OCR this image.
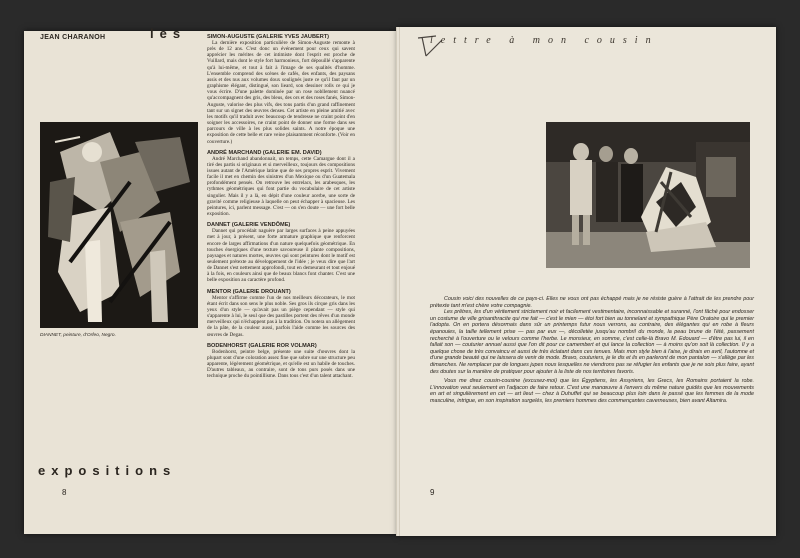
JEAN CHARANOH	les
DIANNET, peinture, d'Orfeo, Negro.
SIMON-AUGUSTE (GALERIE YVES JAUBERT)

La dernière exposition particulière de Simon-Auguste remonte à près de 12 ans. C'est donc un événement pour ceux qui savent apprécier les mérites de cet intimiste dont l'esprit est proche de Vuillard, mais dont le style fort harmonieux, fort dépouillé s'apparente qu'à lui-même, et tout à fait à l'image de ses qualités d'homme. L'ensemble comprend des scènes de cafés, des enfants, des paysans assis et des nus aux volumes doux soulignés juste ce qu'il faut par un graphisme élégant, distingué, son lieard, son dessiner rolls ce qui je vous écrire. D'une palette dominée par un rose nobllement nuancé qu'accompagnent des gris, des bleus, des ors et des roses fanés, Simon-Auguste, valorise des plus vifs, des tons partis d'un grand raffinement tant sur un signet des œuvres denses. Cet artiste en pleine amitié avec les motifs qu'il traduit avec beaucoup de tendresse ne craint point d'en soigner les accessoires, ne craint point de donner une forme dans ses parcours de ville à les plus solides saints. A notre époque une exposition de cette belle et rare veine plaisamment réconforte. (Voir en couverture.)

ANDRÉ MARCHAND (GALERIE EM. DAVID)

André Marchand abandonnait, un temps, cette Camargue dont il a tiré des partis si originaux et si merveilleux, toujours des compositions issues autant de l'Amérique latine que de ses propres esprit. Vivement facile il met en chemin des sinistres d'un Mexique ou d'un Guatemala profondément pensés. On retrouve les entrelacs, les arabesques, les rythmes géométriques qui font partie du vocabulaire de cet artiste singulier. Mais il y a là, en dépit d'une couleur acerbe, une sorte de gravité comme religieuse à laquelle on peut échapper à spacieuse. Les peintures, ici, parlent message. C'est — on s'en doute — une fort belle exposition.

DANNET (GALERIE VENDÔME)

Dannet qui procédait naguère par larges surfaces à peine appuyées met à jour, à présent, une forte armature graphique que renforcent encore de larges affirmations d'un nature quelquefois géométrique. En touches énergiques d'une texture savoureuse il plante compositions, paysages et natures mortes, œuvres qui sont peintures dont le motif est seulement prétexte au développement de l'idée ; je veux dire que l'art de Dannet s'est nettement approfondi, tout en demeurant et tout enjoué à la fois, en couleurs ainsi que de beaux blancs font chanter. C'est une belle exposition au caractère profond.

MENTOR (GALERIE DROUANT)

Mentor s'affirme comme l'un de nos meilleurs décorateurs, le mot étant écrit dans son sens le plus noble. Ses gros ils cirque gris dans les yeux d'un style — qu'avait pas un piège cependant — style qui s'apparente à lui, le seul que des pastilles portent des rêves d'un monde merveilleux qui n'échappent pas à la tradition. On notera un allègement de la pâte, de la couleur aussi, parfois l'aide comme les sources des œuvres de Degas.

BODENHORST (GALERIE ROR VOLMAR)

Bodenhorst, peintre belge, présente une suite d'œuvres dont la plupart sont d'une coloration assez fine que sobre sur une structure peu apparente, légèrement géométrique, et qu'elle est un habile de touches. D'autres tableaux, au contraire, sont de tons purs posés dans une technique proche du pointillisme. Dans tous c'est d'un talent attachant.

expositions
8
lettre à mon cousin

Cousin voici des nouvelles de ce pays-ci. Elles ne vous ont pas échappé mais je ne résiste guère à l'attrait de les prendre pour prétexte tant m'est chère votre compagnie.

Les prêtres, les d'un véritement strictement noir et facilement vestimentaire, inconnaissable et suranné, l'ont fâché pour endosser un costume de ville grisanthracite qui me fait — c'est le mien — étoi fort bien au tonnelant et sympathique Père Oratoire qui le premier l'adopta. On en portera désormais dans sûr un printemps futur nous verrons, au contraire, des élégantes qui en robe à fleurs épanouies, la taille tellement prise — pas par eux —, décolletée jusqu'au nombril du monde, la peau brune de l'été, passement recherché à l'ouverture ou le velours comme l'herbe. Le monsieur, en somme, c'est celle-là Bravo M. Edouard — d'être pas lui, il en fallait son — couturier annuel aussi que l'on dit pour ce camembert et qui lance la collection — à moins qu'on soit là collection. Il y a quelque chose de très convaincu et aussi de très éclatant dans ces tenues. Mais mon style bien à l'aise, je dirais en avril, l'automne et d'une grande beauté qui ne laissera de venir de mode. Bravo, couturiers, je le dis et ils en parleront de mon pantalon — s'allège par les dimanches. Ne remplacer par de longues jupes nous lesquelles ne viendrons pas se réfugier les enfants que je ne sois plus faire, ayant des doutes sur la manière de pratiquer pour ajouter à la liste de nos territoires favoris.

Vous me direz cousin-cousine (excusez-moi) que les Égyptiens, les Assyriens, les Grecs, les Romains portaient la robe. L'innovation veut seulement en l'adjacon de faire retour. C'est une manœuvre à l'envers du même nature guidés que les mouvements en art et singulièrement en cet — art lieut — chez à Duhuffet qui se beaucoup plus loin dans le passé que les femmes de la mode masculine, intrigue, en son inspiration surgelés, les premiers hommes des commençantes caverneuses, bien avant Altamira.

9
